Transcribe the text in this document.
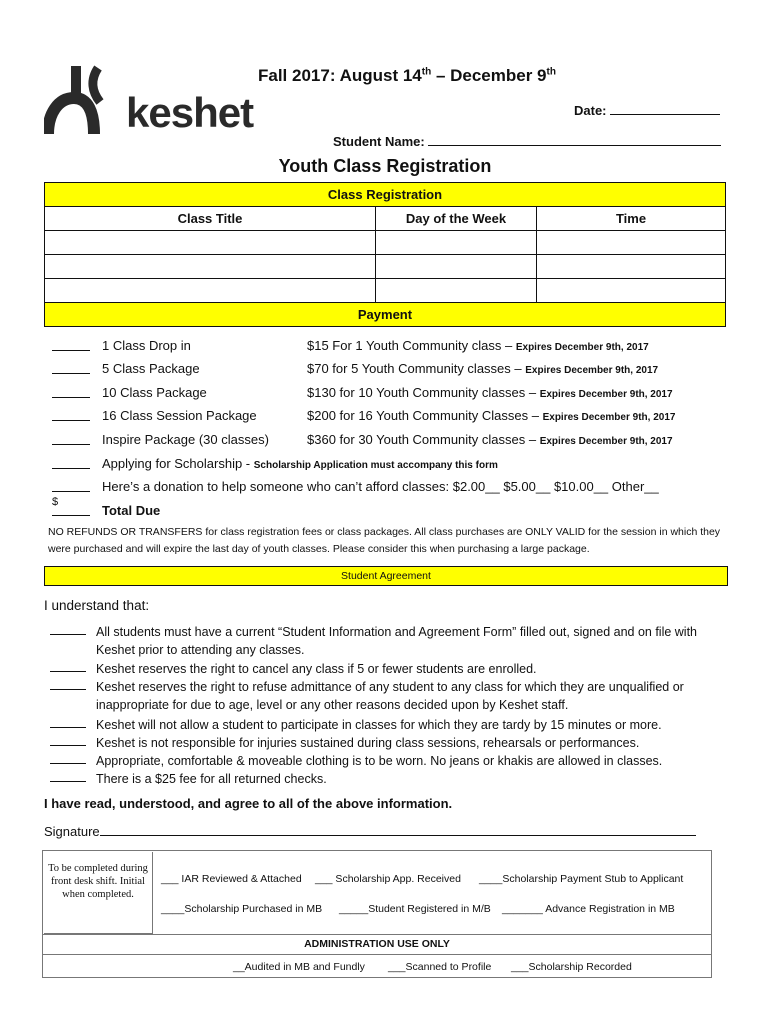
keshet
Fall 2017: August 14th – December 9th
Date:
Student Name:
Youth Class Registration
Class Registration		
Class Title	Day of the Week	Time

Payment		
1 Class Drop in	$15 For 1 Youth Community class – Expires December 9th, 2017
5 Class Package	$70 for 5 Youth Community classes – Expires December 9th, 2017
10 Class Package	$130 for 10 Youth Community classes – Expires December 9th, 2017
16 Class Session Package	$200 for 16 Youth Community Classes – Expires December 9th, 2017
Inspire Package (30 classes)	$360 for 30 Youth Community classes – Expires December 9th, 2017
Applying for Scholarship - Scholarship Application must accompany this form
Here’s a donation to help someone who can’t afford classes: $2.00__ $5.00__ $10.00__ Other__
$
Total Due
NO REFUNDS OR TRANSFERS for class registration fees or class packages. All class purchases are ONLY VALID for the session in which they were purchased and will expire the last day of youth classes. Please consider this when purchasing a large package.
Student Agreement
I understand that:
All students must have a current “Student Information and Agreement Form” filled out, signed and on file with Keshet prior to attending any classes.
Keshet reserves the right to cancel any class if 5 or fewer students are enrolled.
Keshet reserves the right to refuse admittance of any student to any class for which they are unqualified or inappropriate for due to age, level or any other reasons decided upon by Keshet staff.
Keshet will not allow a student to participate in classes for which they are tardy by 15 minutes or more.
Keshet is not responsible for injuries sustained during class sessions, rehearsals or performances.
Appropriate, comfortable & moveable clothing is to be worn. No jeans or khakis are allowed in classes.
There is a $25 fee for all returned checks.
I have read, understood, and agree to all of the above information.
Signature
To be completed during front desk shift. Initial when completed.
___ IAR Reviewed & Attached ___ Scholarship App. Received ____Scholarship Payment Stub to Applicant
____Scholarship Purchased in MB _____Student Registered in M/B _______ Advance Registration in MB
ADMINISTRATION USE ONLY
__Audited in MB and Fundly ___Scanned to Profile ___Scholarship Recorded
